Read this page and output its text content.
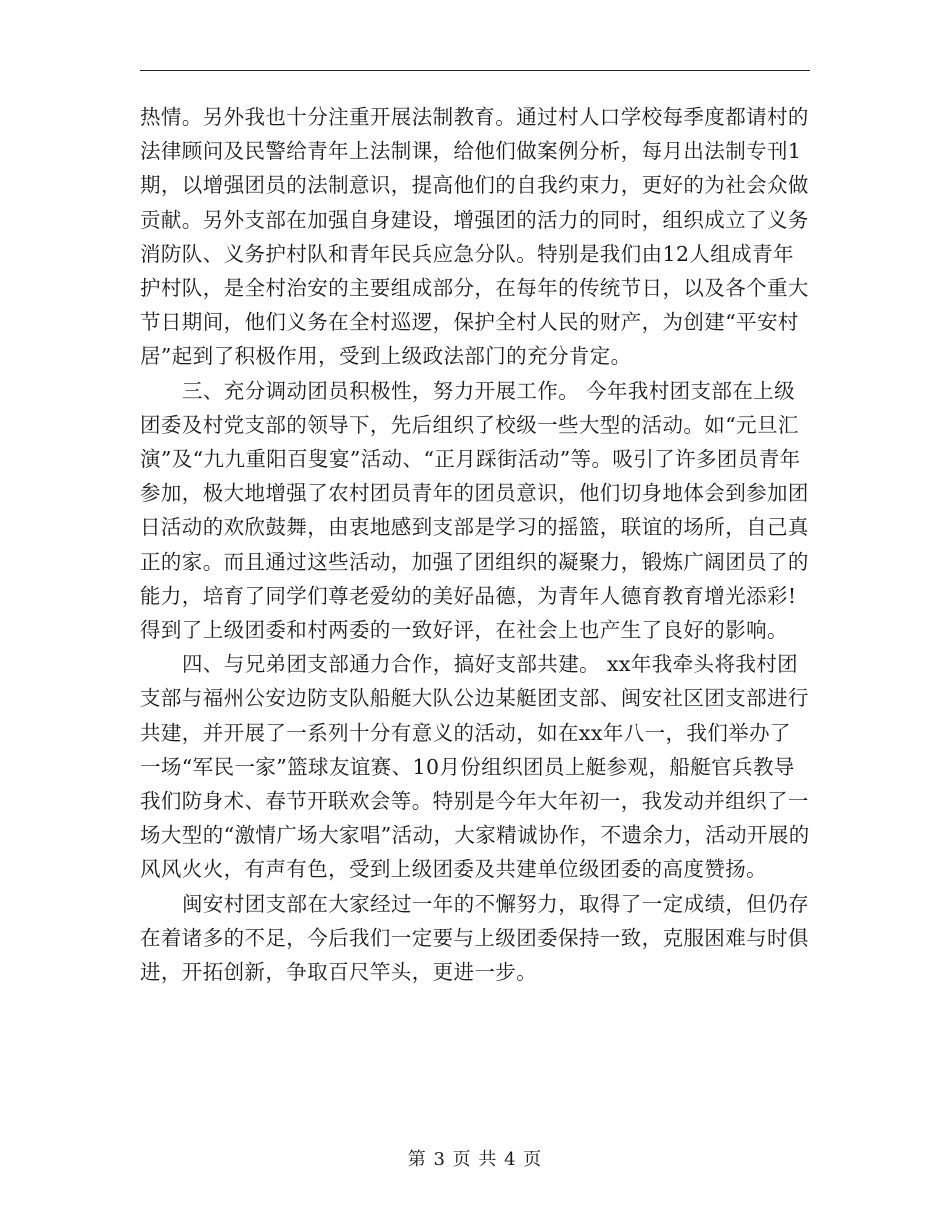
热情。另外我也十分注重开展法制教育。通过村人口学校每季度都请村的法律顾问及民警给青年上法制课，给他们做案例分析，每月出法制专刊1期，以增强团员的法制意识，提高他们的自我约束力，更好的为社会众做贡献。另外支部在加强自身建设，增强团的活力的同时，组织成立了义务消防队、义务护村队和青年民兵应急分队。特别是我们由12人组成青年护村队，是全村治安的主要组成部分，在每年的传统节日，以及各个重大节日期间，他们义务在全村巡逻，保护全村人民的财产，为创建“平安村居”起到了积极作用，受到上级政法部门的充分肯定。

三、充分调动团员积极性，努力开展工作。 今年我村团支部在上级团委及村党支部的领导下，先后组织了校级一些大型的活动。如“元旦汇演”及“九九重阳百叟宴”活动、“正月踩街活动”等。吸引了许多团员青年参加，极大地增强了农村团员青年的团员意识，他们切身地体会到参加团日活动的欢欣鼓舞，由衷地感到支部是学习的摇篮，联谊的场所，自己真正的家。而且通过这些活动，加强了团组织的凝聚力，锻炼广阔团员了的能力，培育了同学们尊老爱幼的美好品德，为青年人德育教育增光添彩!得到了上级团委和村两委的一致好评，在社会上也产生了良好的影响。

四、与兄弟团支部通力合作，搞好支部共建。 xx年我牵头将我村团支部与福州公安边防支队船艇大队公边某艇团支部、闽安社区团支部进行共建，并开展了一系列十分有意义的活动，如在xx年八一，我们举办了一场“军民一家”篮球友谊赛、10月份组织团员上艇参观，船艇官兵教导我们防身术、春节开联欢会等。特别是今年大年初一，我发动并组织了一场大型的“激情广场大家唱”活动，大家精诚协作，不遗余力，活动开展的风风火火，有声有色，受到上级团委及共建单位级团委的高度赞扬。

闽安村团支部在大家经过一年的不懈努力，取得了一定成绩，但仍存在着诸多的不足，今后我们一定要与上级团委保持一致，克服困难与时俱进，开拓创新，争取百尺竿头，更进一步。

第 3 页 共 4 页
